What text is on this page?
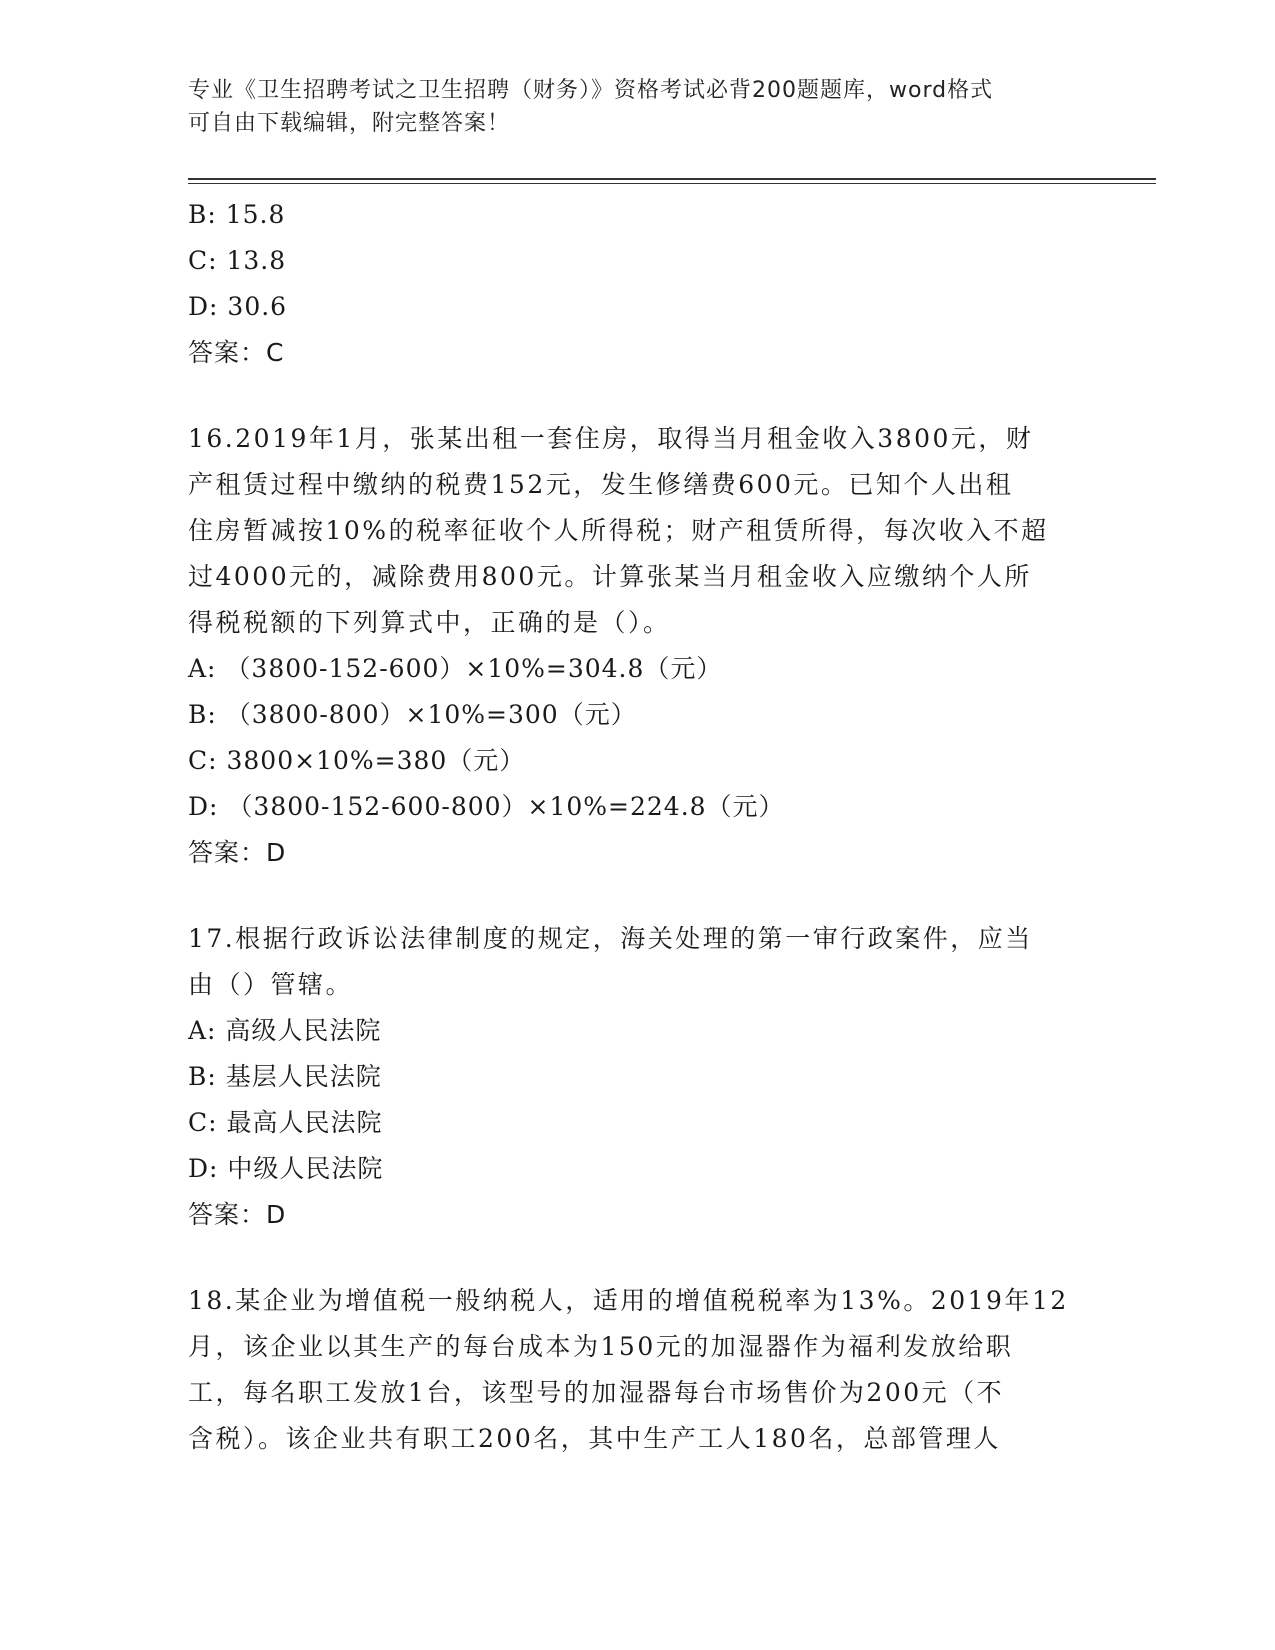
专业《卫生招聘考试之卫生招聘（财务）》资格考试必背200题题库，word格式
可自由下载编辑，附完整答案！
B: 15.8
C: 13.8
D: 30.6
答案：C
16.2019年1月，张某出租一套住房，取得当月租金收入3800元，财
产租赁过程中缴纳的税费152元，发生修缮费600元。已知个人出租
住房暂减按10%的税率征收个人所得税；财产租赁所得，每次收入不超
过4000元的，减除费用800元。计算张某当月租金收入应缴纳个人所
得税税额的下列算式中，正确的是（）。
A: （3800-152-600）×10%=304.8（元）
B: （3800-800）×10%=300（元）
C: 3800×10%=380（元）
D: （3800-152-600-800）×10%=224.8（元）
答案：D
17.根据行政诉讼法律制度的规定，海关处理的第一审行政案件，应当
由（）管辖。
A: 高级人民法院
B: 基层人民法院
C: 最高人民法院
D: 中级人民法院
答案：D
18.某企业为增值税一般纳税人，适用的增值税税率为13%。2019年12
月，该企业以其生产的每台成本为150元的加湿器作为福利发放给职
工，每名职工发放1台，该型号的加湿器每台市场售价为200元（不
含税）。该企业共有职工200名，其中生产工人180名，总部管理人
